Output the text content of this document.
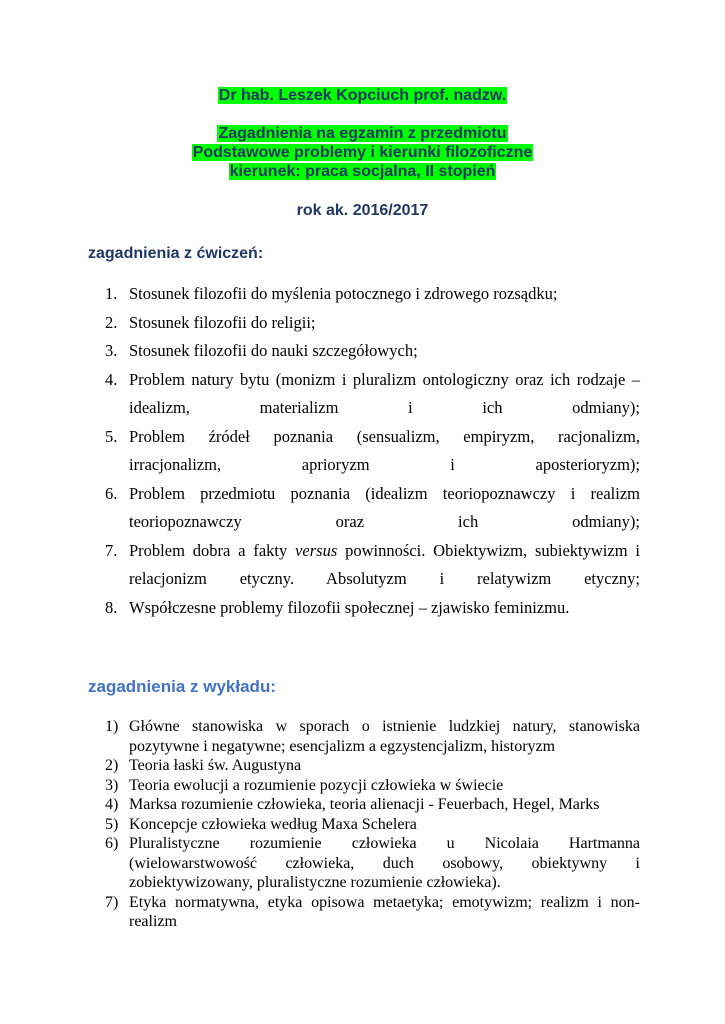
Dr hab. Leszek Kopciuch prof. nadzw.
Zagadnienia na egzamin z przedmiotu
Podstawowe problemy i kierunki filozoficzne
kierunek: praca socjalna, II stopień
rok ak. 2016/2017
zagadnienia z ćwiczeń:
1. Stosunek filozofii do myślenia potocznego i zdrowego rozsądku;
2. Stosunek filozofii do religii;
3. Stosunek filozofii do nauki szczegółowych;
4. Problem natury bytu (monizm i pluralizm ontologiczny oraz ich rodzaje –
idealizm, materializm i ich odmiany);
5. Problem źródeł poznania (sensualizm, empiryzm, racjonalizm,
irracjonalizm, aprioryzm i aposterioryzm);
6. Problem przedmiotu poznania (idealizm teoriopoznawczy i realizm
teoriopoznawczy oraz ich odmiany);
7. Problem dobra a fakty versus powinności. Obiektywizm, subiektywizm i
relacjonizm etyczny. Absolutyzm i relatywizm etyczny;
8. Współczesne problemy filozofii społecznej – zjawisko feminizmu.
zagadnienia z wykładu:
1) Główne stanowiska w sporach o istnienie ludzkiej natury, stanowiska
pozytywne i negatywne; esencjalizm a egzystencjalizm, historyzm
2) Teoria łaski św. Augustyna
3) Teoria ewolucji a rozumienie pozycji człowieka w świecie
4) Marksa rozumienie człowieka, teoria alienacji - Feuerbach, Hegel, Marks
5) Koncepcje człowieka według Maxa Schelera
6) Pluralistyczne rozumienie człowieka u Nicolaia Hartmanna
(wielowarstwowość człowieka, duch osobowy, obiektywny i
zobiektywizowany, pluralistyczne rozumienie człowieka).
7) Etyka normatywna, etyka opisowa metaetyka; emotywizm; realizm i non-
realizm
